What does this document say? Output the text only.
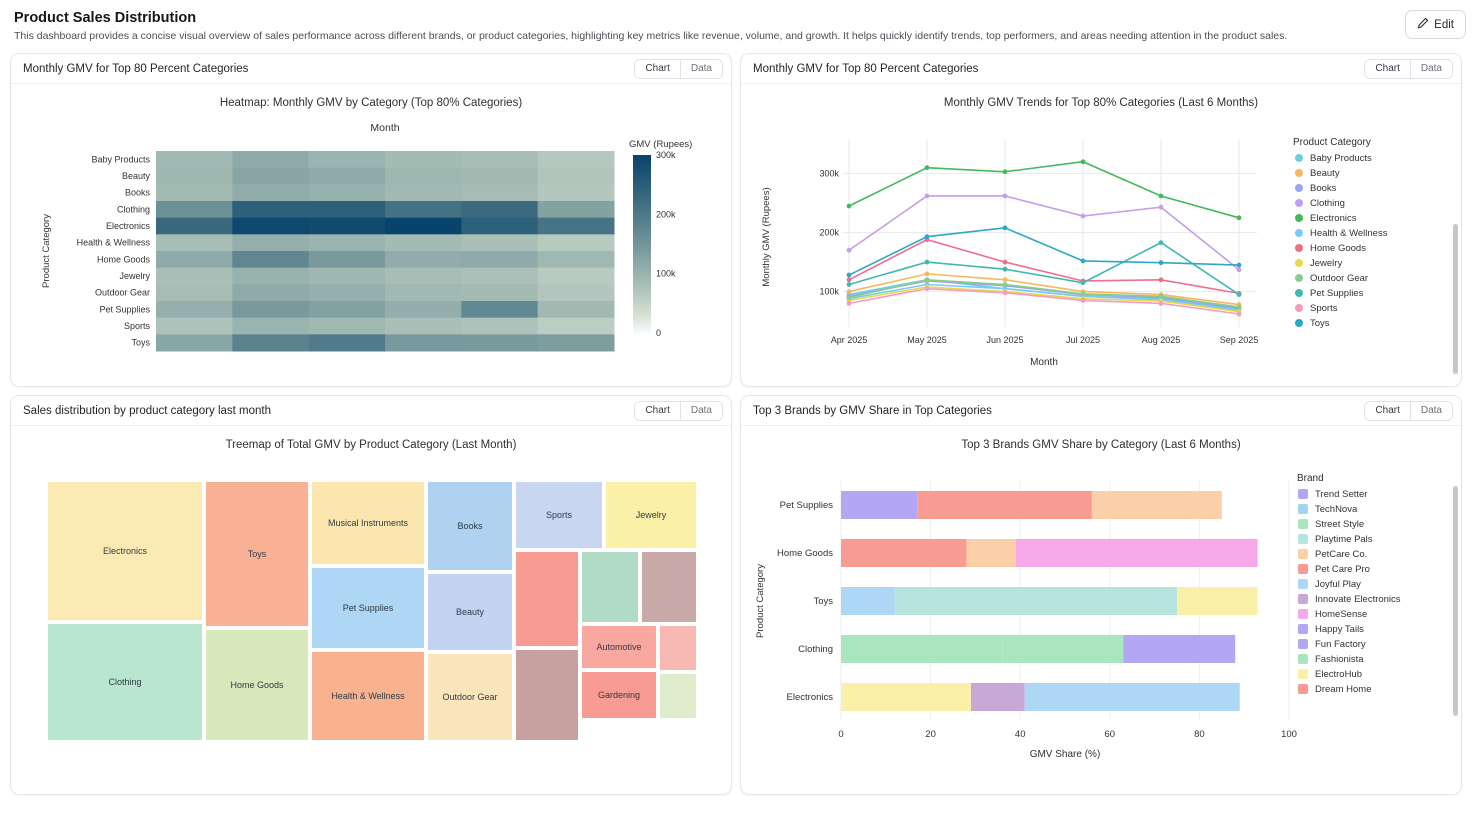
Product Sales Distribution
This dashboard provides a concise visual overview of sales performance across different brands, or product categories, highlighting key metrics like revenue, volume, and growth. It helps quickly identify trends, top performers, and areas needing attention in the product sales.
Edit
Monthly GMV for Top 80 Percent Categories	Chart	Data
Heatmap: Monthly GMV by Category (Top 80% Categories)
Month
Baby Products
Beauty
Books
Clothing
Electronics
Health & Wellness
Home Goods
Jewelry
Outdoor Gear
Pet Supplies
Sports
Toys
Product Category
GMV (Rupees)
0
100k
200k
300k
Monthly GMV for Top 80 Percent Categories	Chart	Data
Monthly GMV Trends for Top 80% Categories (Last 6 Months)
100k
200k
300k
Apr 2025	May 2025	Jun 2025	Jul 2025	Aug 2025	Sep 2025
Month
Monthly GMV (Rupees)
Product Category
Baby Products
Beauty
Books
Clothing
Electronics
Health & Wellness
Home Goods
Jewelry
Outdoor Gear
Pet Supplies
Sports
Toys
Sales distribution by product category last month	Chart	Data
Treemap of Total GMV by Product Category (Last Month)
Electronics
Clothing
Toys
Home Goods
Musical Instruments
Pet Supplies
Health & Wellness
Books
Beauty
Outdoor Gear
Sports	Jewelry
Automotive
Gardening
Top 3 Brands by GMV Share in Top Categories	Chart	Data
Top 3 Brands GMV Share by Category (Last 6 Months)
0	20	40	60	80	100
Pet Supplies
Home Goods
Toys
Clothing
Electronics
GMV Share (%)
Product Category
Brand
Trend Setter
TechNova
Street Style
Playtime Pals
PetCare Co.
Pet Care Pro
Joyful Play
Innovate Electronics
HomeSense
Happy Tails
Fun Factory
Fashionista
ElectroHub
Dream Home
